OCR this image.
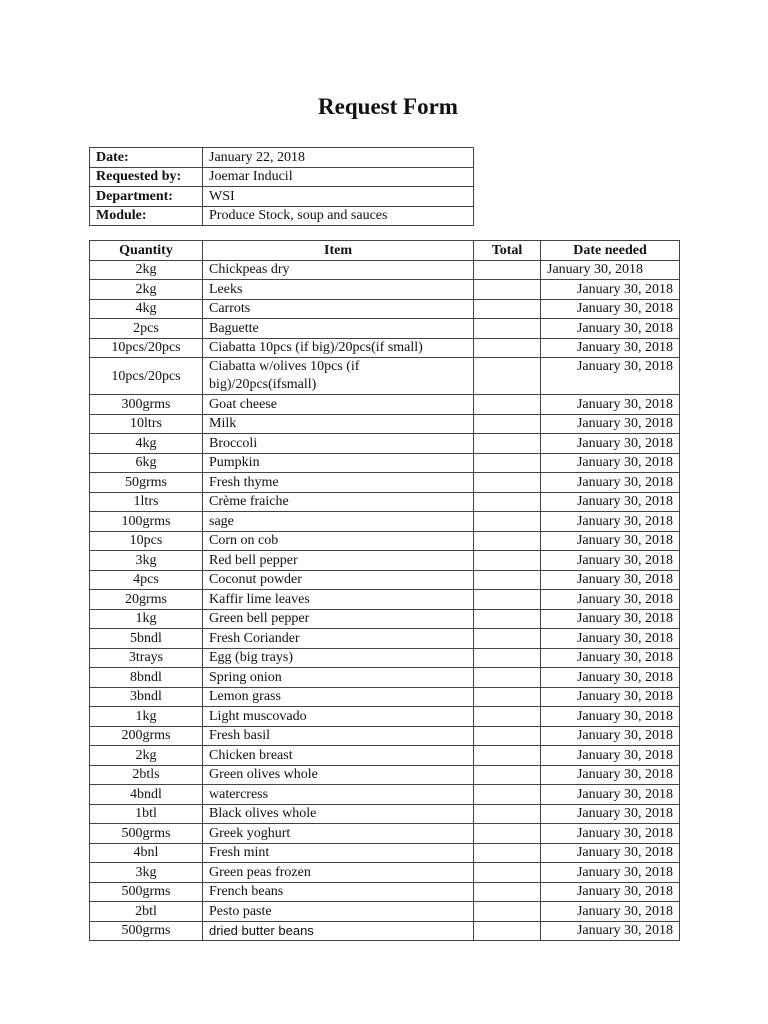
Request Form
Date:	January 22, 2018
Requested by:	Joemar Inducil
Department:	WSI
Module:	Produce Stock, soup and sauces
Quantity	Item	Total	Date needed
2kg	Chickpeas dry		January 30, 2018
2kg	Leeks		January 30, 2018
4kg	Carrots		January 30, 2018
2pcs	Baguette		January 30, 2018
10pcs/20pcs	Ciabatta 10pcs (if big)/20pcs(if small)		January 30, 2018
10pcs/20pcs	Ciabatta w/olives 10pcs (if big)/20pcs(ifsmall)		January 30, 2018
300grms	Goat cheese		January 30, 2018
10ltrs	Milk		January 30, 2018
4kg	Broccoli		January 30, 2018
6kg	Pumpkin		January 30, 2018
50grms	Fresh thyme		January 30, 2018
1ltrs	Crème fraiche		January 30, 2018
100grms	sage		January 30, 2018
10pcs	Corn on cob		January 30, 2018
3kg	Red bell pepper		January 30, 2018
4pcs	Coconut powder		January 30, 2018
20grms	Kaffir lime leaves		January 30, 2018
1kg	Green bell pepper		January 30, 2018
5bndl	Fresh Coriander		January 30, 2018
3trays	Egg (big trays)		January 30, 2018
8bndl	Spring onion		January 30, 2018
3bndl	Lemon grass		January 30, 2018
1kg	Light muscovado		January 30, 2018
200grms	Fresh basil		January 30, 2018
2kg	Chicken breast		January 30, 2018
2btls	Green olives whole		January 30, 2018
4bndl	watercress		January 30, 2018
1btl	Black olives whole		January 30, 2018
500grms	Greek yoghurt		January 30, 2018
4bnl	Fresh mint		January 30, 2018
3kg	Green peas frozen		January 30, 2018
500grms	French beans		January 30, 2018
2btl	Pesto paste		January 30, 2018
500grms	dried butter beans		January 30, 2018
